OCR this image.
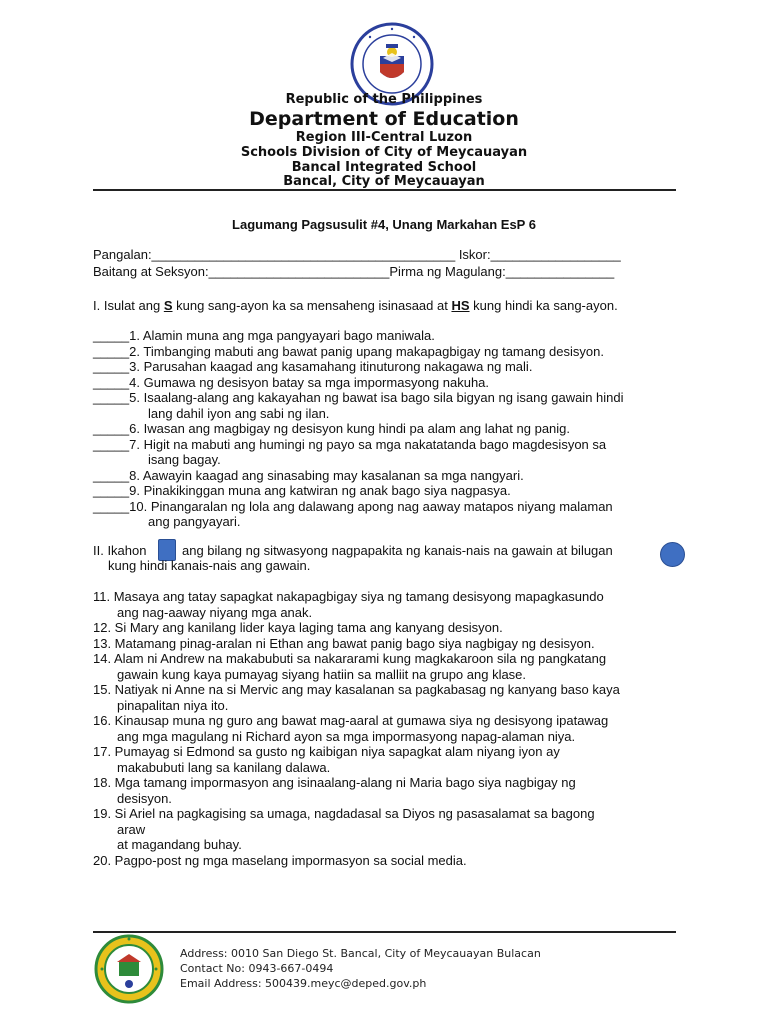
Republic of the Philippines
Department of Education
Region III-Central Luzon
Schools Division of City of Meycauayan
Bancal Integrated School
Bancal, City of Meycauayan
Lagumang Pagsusulit #4, Unang Markahan EsP 6
Pangalan:__________________________________________ Iskor:__________________
Baitang at Seksyon:_________________________Pirma ng Magulang:_______________
I. Isulat ang S kung sang-ayon ka sa mensaheng isinasaad at HS kung hindi ka sang-ayon.
_____1. Alamin muna ang mga pangyayari bago maniwala.
_____2. Timbanging mabuti ang bawat panig upang makapagbigay ng tamang desisyon.
_____3. Parusahan kaagad ang kasamahang itinuturong nakagawa ng mali.
_____4. Gumawa ng desisyon batay sa mga impormasyong nakuha.
_____5. Isaalang-alang ang kakayahan ng bawat isa bago sila bigyan ng isang gawain hindi
lang dahil iyon ang sabi ng ilan.
_____6. Iwasan ang magbigay ng desisyon kung hindi pa alam ang lahat ng panig.
_____7. Higit na mabuti ang humingi ng payo sa mga nakatatanda bago magdesisyon sa
isang bagay.
_____8. Aawayin kaagad ang sinasabing may kasalanan sa mga nangyari.
_____9. Pinakikinggan muna ang katwiran ng anak bago siya nagpasya.
_____10. Pinangaralan ng lola ang dalawang apong nag aaway matapos niyang malaman
ang pangyayari.
II. Ikahon	ang bilang ng sitwasyong nagpapakita ng kanais-nais na gawain at bilugan
kung hindi kanais-nais ang gawain.
11. Masaya ang tatay sapagkat nakapagbigay siya ng tamang desisyong mapagkasundo
ang nag-aaway niyang mga anak.
12. Si Mary ang kanilang lider kaya laging tama ang kanyang desisyon.
13. Matamang pinag-aralan ni Ethan ang bawat panig bago siya nagbigay ng desisyon.
14. Alam ni Andrew na makabubuti sa nakararami kung magkakaroon sila ng pangkatang
gawain kung kaya pumayag siyang hatiin sa malliit na grupo ang klase.
15. Natiyak ni Anne na si Mervic ang may kasalanan sa pagkabasag ng kanyang baso kaya
pinapalitan niya ito.
16. Kinausap muna ng guro ang bawat mag-aaral at gumawa siya ng desisyong ipatawag
ang mga magulang ni Richard ayon sa mga impormasyong napag-alaman niya.
17. Pumayag si Edmond sa gusto ng kaibigan niya sapagkat alam niyang iyon ay
makabubuti lang sa kanilang dalawa.
18. Mga tamang impormasyon ang isinaalang-alang ni Maria bago siya nagbigay ng
desisyon.
19. Si Ariel na pagkagising sa umaga, nagdadasal sa Diyos ng pasasalamat sa bagong
araw
at magandang buhay.
20. Pagpo-post ng mga maselang impormasyon sa social media.
Address: 0010 San Diego St. Bancal, City of Meycauayan Bulacan
Contact No: 0943-667-0494
Email Address: 500439.meyc@deped.gov.ph
